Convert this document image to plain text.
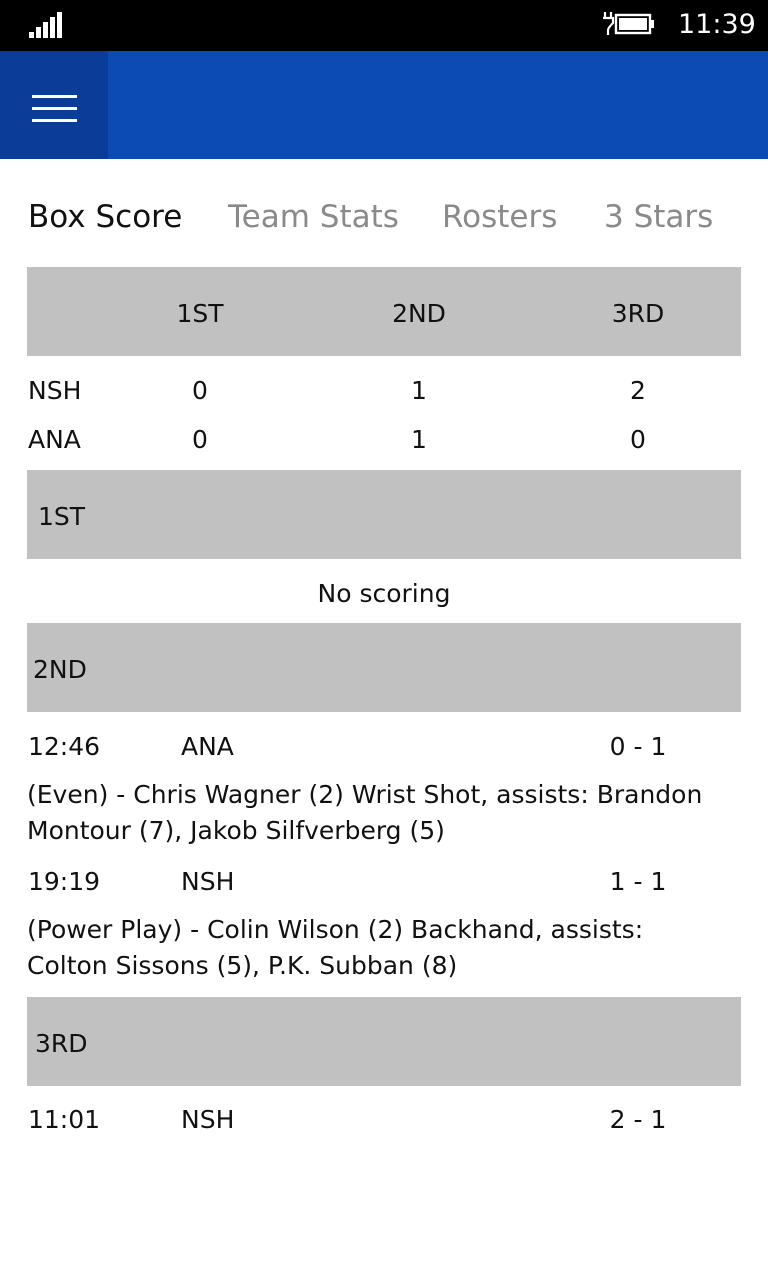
11:39
Box Score Team Stats Rosters 3 Stars
1ST	2ND	3RD
NSH	0	1	2
ANA	0	1	0
1ST
No scoring
2ND
12:46	ANA	0 - 1
(Even) - Chris Wagner (2) Wrist Shot, assists: Brandon Montour (7), Jakob Silfverberg (5)
19:19	NSH	1 - 1
(Power Play) - Colin Wilson (2) Backhand, assists: Colton Sissons (5), P.K. Subban (8)
3RD
11:01	NSH	2 - 1
